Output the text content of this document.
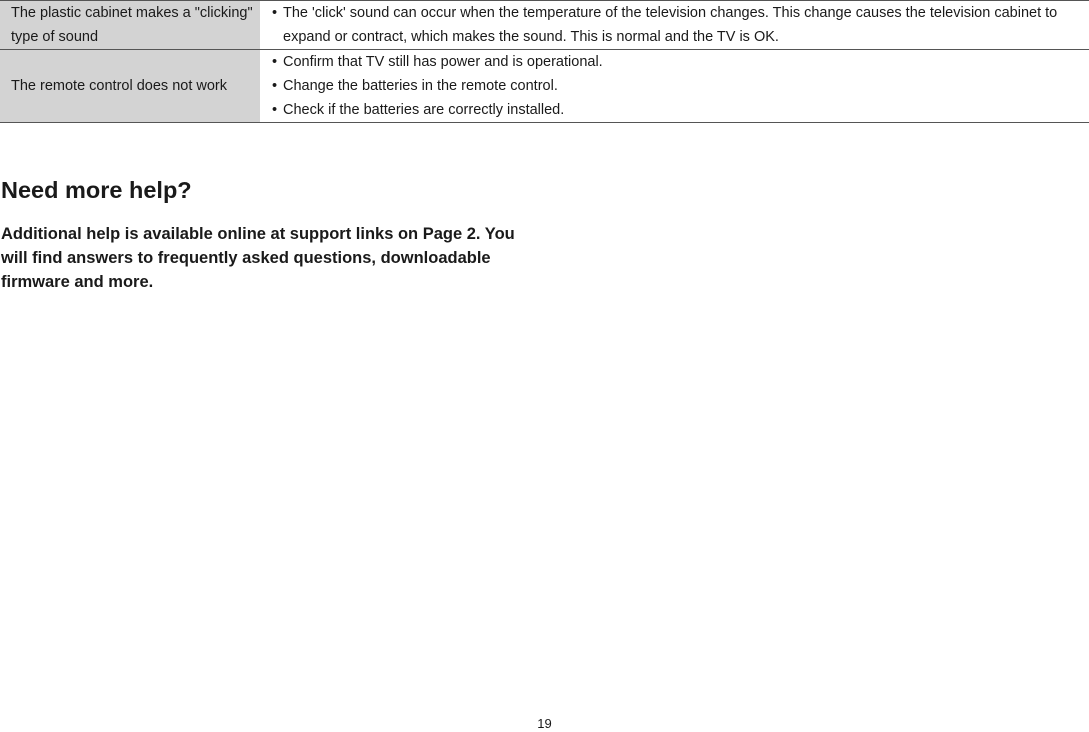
The plastic cabinet makes a "clicking" type of sound
• The 'click' sound can occur when the temperature of the television changes. This change causes the television cabinet to expand or contract, which makes the sound. This is normal and the TV is OK.
The remote control does not work
• Confirm that TV still has power and is operational.
• Change the batteries in the remote control.
• Check if the batteries are correctly installed.
Need more help?

Additional help is available online at support links on Page 2. You will find answers to frequently asked questions, downloadable firmware and more.

19
